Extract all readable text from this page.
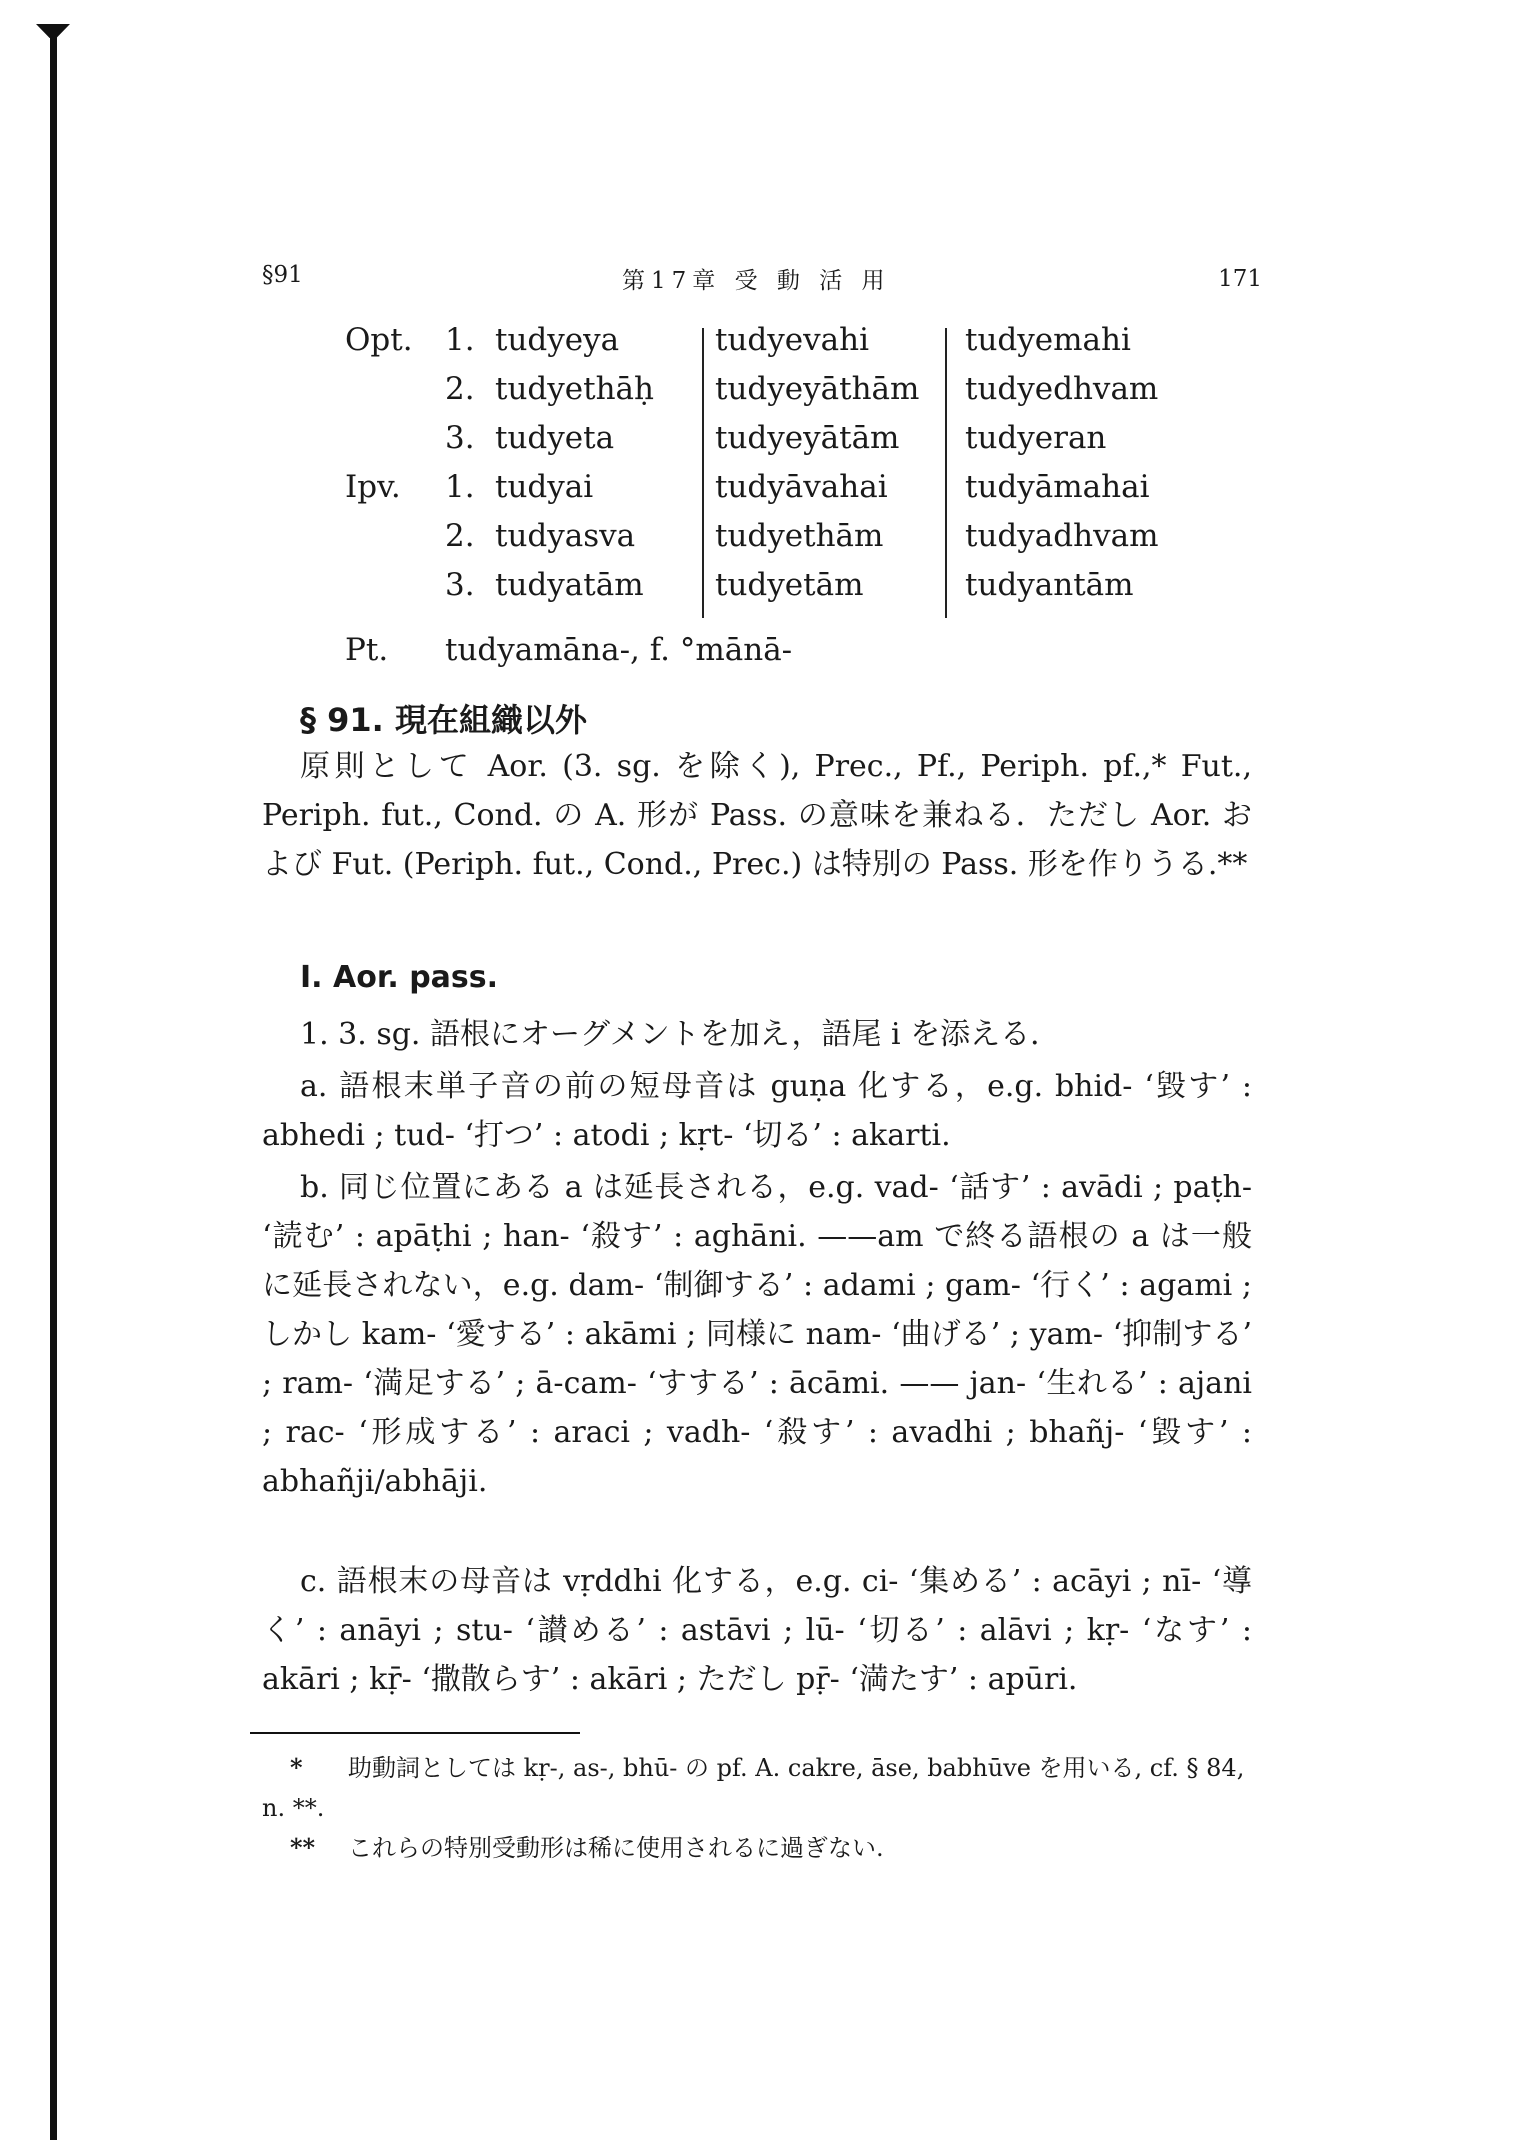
§91	第17章 受 動 活 用	171
Opt. 1. tudyeya	tudyevahi	tudyemahi
2. tudyethāḥ tudyeyāthām tudyedhvam
3. tudyeta	tudyeyātām tudyeran
Ipv. 1. tudyai	tudyāvahai tudyāmahai
2. tudyasva	tudyethām	tudyadhvam
3. tudyatām tudyetām	tudyantām
Pt. tudyamāna-, f. °mānā-
§ 91. 現在組織以外

原則として Aor. (3. sg. を除く), Prec., Pf., Periph. pf.,* Fut., Periph. fut., Cond. の A. 形が Pass. の意味を兼ねる．ただし Aor. および Fut. (Periph. fut., Cond., Prec.) は特別の Pass. 形を作りうる.**

I. Aor. pass.

1. 3. sg. 語根にオーグメントを加え，語尾 i を添える．

a. 語根末単子音の前の短母音は guṇa 化する，e.g. bhid- ‘毀す’ : abhedi ; tud- ‘打つ’ : atodi ; kṛt- ‘切る’ : akarti.

b. 同じ位置にある a は延長される，e.g. vad- ‘話す’ : avādi ; paṭh- ‘読む’ : apāṭhi ; han- ‘殺す’ : aghāni. ——am で終る語根の a は一般に延長されない，e.g. dam- ‘制御する’ : adami ; gam- ‘行く’ : agami ; しかし kam- ‘愛する’ : akāmi ; 同様に nam- ‘曲げる’ ; yam- ‘抑制する’ ; ram- ‘満足する’ ; ā-cam- ‘すする’ : ācāmi. —— jan- ‘生れる’ : ajani ; rac- ‘形成する’ : araci ; vadh- ‘殺す’ : avadhi ; bhañj- ‘毀す’ : abhañji/abhāji.

c. 語根末の母音は vṛddhi 化する，e.g. ci- ‘集める’ : acāyi ; nī- ‘導く’ : anāyi ; stu- ‘讃める’ : astāvi ; lū- ‘切る’ : alāvi ; kṛ- ‘なす’ : akāri ; kṝ- ‘撒散らす’ : akāri ; ただし pṝ- ‘満たす’ : apūri.

* 助動詞としては kṛ-, as-, bhū- の pf. A. cakre, āse, babhūve を用いる, cf. § 84, n. **.

** これらの特別受動形は稀に使用されるに過ぎない.
